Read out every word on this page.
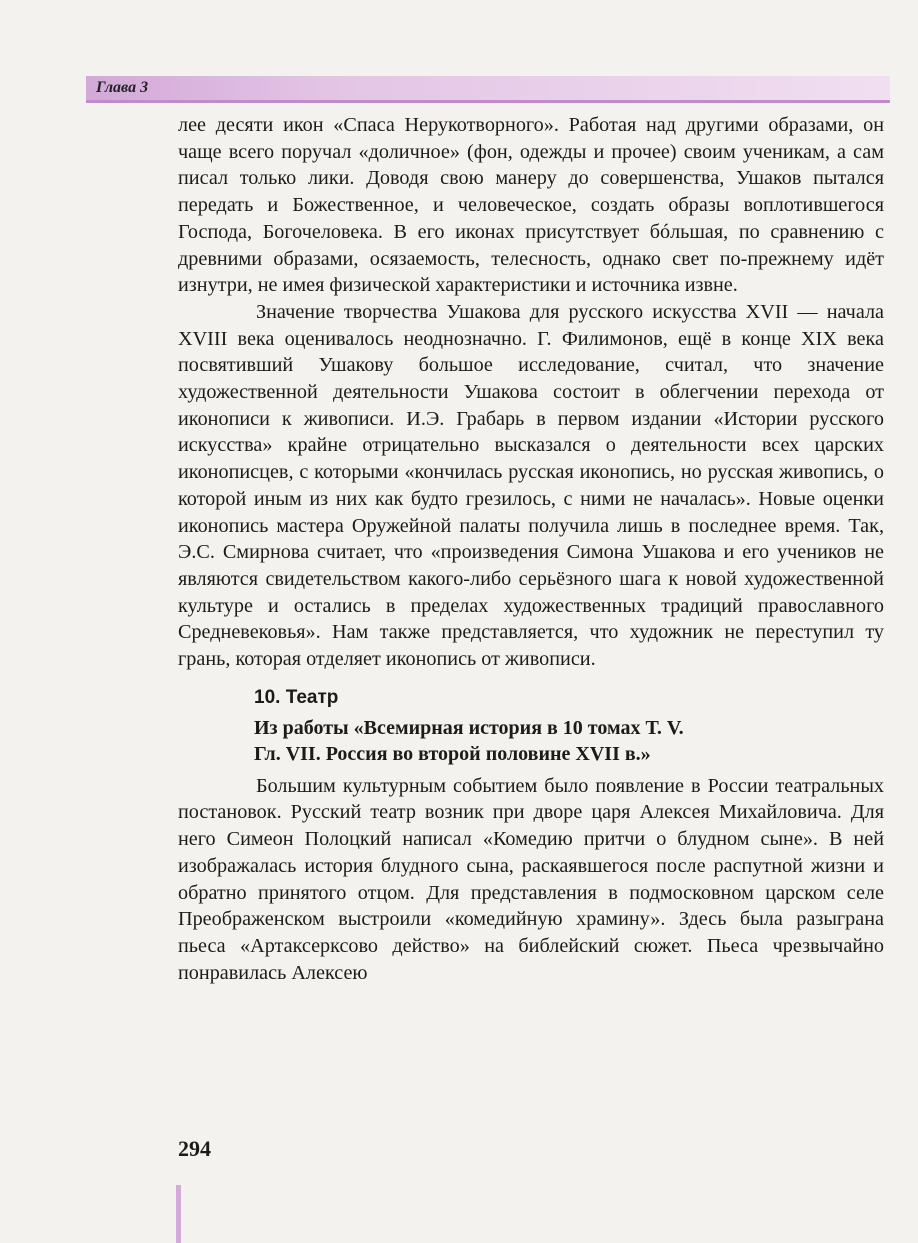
Глава 3

лее десяти икон «Спаса Нерукотворного». Работая над другими образами, он чаще всего поручал «доличное» (фон, одежды и прочее) своим ученикам, а сам писал только лики. Доводя свою манеру до совершенства, Ушаков пытался передать и Божественное, и человеческое, создать образы воплотившегося Господа, Богочеловека. В его иконах присутствует бóльшая, по сравнению с древними образами, осязаемость, телесность, однако свет по-прежнему идёт изнутри, не имея физической характеристики и источника извне.

Значение творчества Ушакова для русского искусства XVII — начала XVIII века оценивалось неоднозначно. Г. Филимонов, ещё в конце XIX века посвятивший Ушакову большое исследование, считал, что значение художественной деятельности Ушакова состоит в облегчении перехода от иконописи к живописи. И.Э. Грабарь в первом издании «Истории русского искусства» крайне отрицательно высказался о деятельности всех царских иконописцев, с которыми «кончилась русская иконопись, но русская живопись, о которой иным из них как будто грезилось, с ними не началась». Новые оценки иконопись мастера Оружейной палаты получила лишь в последнее время. Так, Э.С. Смирнова считает, что «произведения Симона Ушакова и его учеников не являются свидетельством какого-либо серьёзного шага к новой художественной культуре и остались в пределах художественных традиций православного Средневековья». Нам также представляется, что художник не переступил ту грань, которая отделяет иконопись от живописи.

10. Театр
Из работы «Всемирная история в 10 томах Т. V.
Гл. VII. Россия во второй половине XVII в.»

Большим культурным событием было появление в России театральных постановок. Русский театр возник при дворе царя Алексея Михайловича. Для него Симеон Полоцкий написал «Комедию притчи о блудном сыне». В ней изображалась история блудного сына, раскаявшегося после распутной жизни и обратно принятого отцом. Для представления в подмосковном царском селе Преображенском выстроили «комедийную храмину». Здесь была разыграна пьеса «Артаксерксово действо» на библейский сюжет. Пьеса чрезвычайно понравилась Алексею

294
